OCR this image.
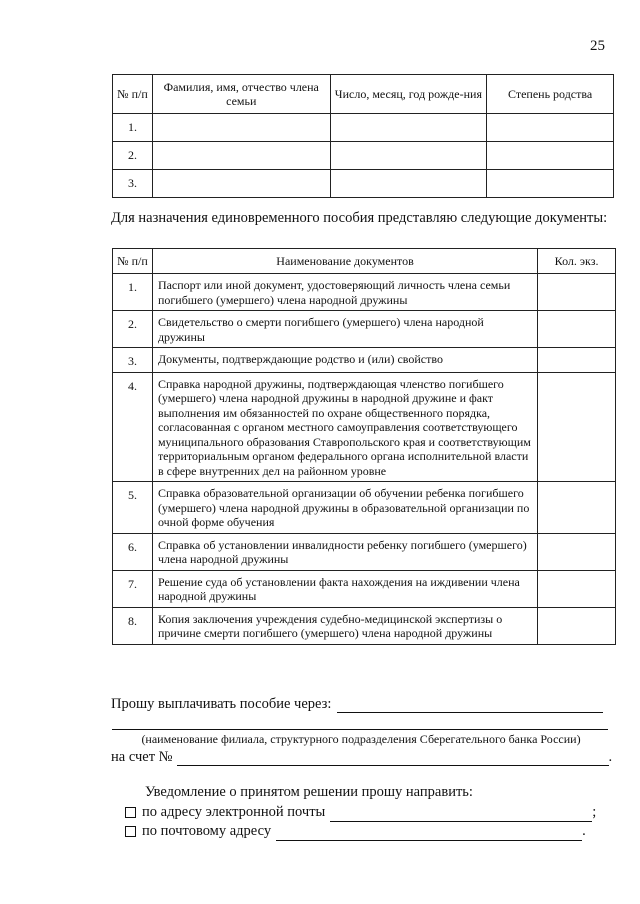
25
№ п/п	Фамилия, имя, отчество члена семьи	Число, месяц, год рожде-ния	Степень родства
1.			
2.			
3.			
Для назначения единовременного пособия представляю следующие документы:
№ п/п	Наименование документов	Кол. экз.
1.	Паспорт или иной документ, удостоверяющий личность члена семьи погибшего (умершего) члена народной дружины	
2.	Свидетельство о смерти погибшего (умершего) члена народной дружины	
3.	Документы, подтверждающие родство и (или) свойство	
4.	Справка народной дружины, подтверждающая членство погибшего (умершего) члена народной дружины в народной дружине и факт выполнения им обязанностей по охране общественного порядка, согласованная с органом местного самоуправления соответствующего муниципального образования Ставропольского края и соответствующим территориальным органом федерального органа исполнительной власти в сфере внутренних дел на районном уровне	
5.	Справка образовательной организации об обучении ребенка погибшего (умершего) члена народной дружины в образовательной организации по очной форме обучения	
6.	Справка об установлении инвалидности ребенку погибшего (умершего) члена народной дружины	
7.	Решение суда об установлении факта нахождения на иждивении члена народной дружины	
8.	Копия заключения учреждения судебно-медицинской экспертизы о причине смерти погибшего (умершего) члена народной дружины	
Прошу выплачивать пособие через:
(наименование филиала, структурного подразделения Сберегательного банка России)
на счет №	.
Уведомление о принятом решении прошу направить:
по адресу электронной почты	;
по почтовому адресу	.
